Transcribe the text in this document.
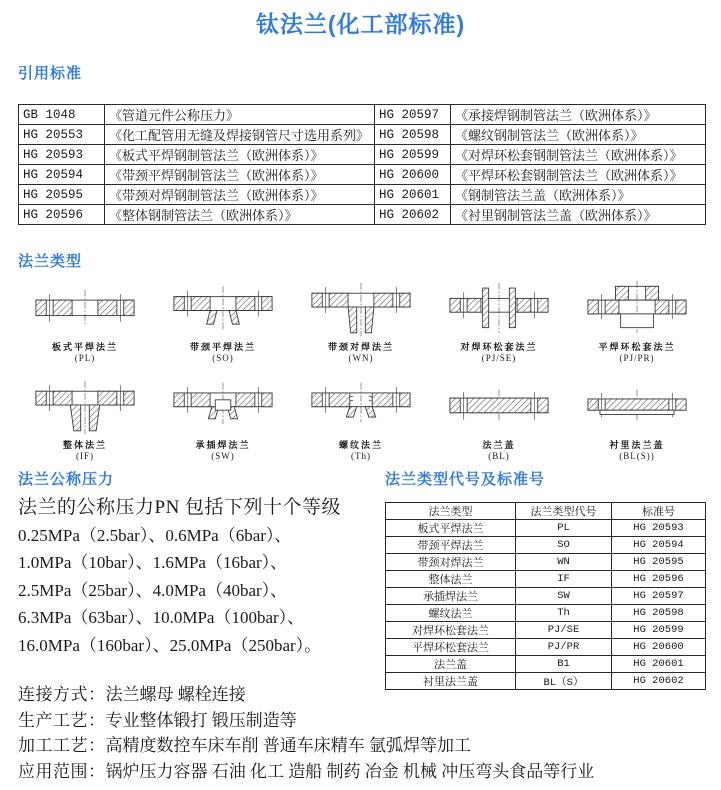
钛法兰(化工部标准)
引用标准
GB 1048	《管道元件公称压力》	HG 20597	《承接焊钢制管法兰（欧洲体系）》
HG 20553	《化工配管用无缝及焊接钢管尺寸选用系列》	HG 20598	《螺纹钢制管法兰（欧洲体系）》
HG 20593	《板式平焊钢制管法兰（欧洲体系）》	HG 20599	《对焊环松套钢制管法兰（欧洲体系）》
HG 20594	《带颈平焊钢制管法兰（欧洲体系）》	HG 20600	《平焊环松套钢制管法兰（欧洲体系）》
HG 20595	《带颈对焊钢制管法兰（欧洲体系）》	HG 20601	《钢制管法兰盖（欧洲体系）》
HG 20596	《整体钢制管法兰（欧洲体系）》	HG 20602	《衬里钢制管法兰盖（欧洲体系）》
法兰类型
板式平焊法兰
(PL)
带颈平焊法兰
(SO)
带颈对焊法兰
(WN)
对焊环松套法兰
(PJ/SE)
平焊环松套法兰
(PJ/PR)
整体法兰
(IF)
承插焊法兰
(SW)
螺纹法兰
(Th)
法兰盖
(BL)
衬里法兰盖
(BL(S))
法兰公称压力
法兰的公称压力PN 包括下列十个等级
0.25MPa（2.5bar）、0.6MPa（6bar）、
1.0MPa（10bar）、1.6MPa（16bar）、
2.5MPa（25bar）、4.0MPa（40bar）、
6.3MPa（63bar）、10.0MPa（100bar）、
16.0MPa（160bar）、25.0MPa（250bar）。
法兰类型代号及标准号
法兰类型	法兰类型代号	标准号
板式平焊法兰	PL	HG 20593
带颈平焊法兰	SO	HG 20594
带颈对焊法兰	WN	HG 20595
整体法兰	IF	HG 20596
承插焊法兰	SW	HG 20597
螺纹法兰	Th	HG 20598
对焊环松套法兰	PJ/SE	HG 20599
平焊环松套法兰	PJ/PR	HG 20600
法兰盖	B1	HG 20601
衬里法兰盖	BL（S）	HG 20602
连接方式：法兰螺母 螺栓连接
生产工艺：专业整体锻打 锻压制造等
加工工艺：高精度数控车床车削 普通车床精车 氩弧焊等加工
应用范围：锅炉压力容器 石油 化工 造船 制药 冶金 机械 冲压弯头食品等行业
